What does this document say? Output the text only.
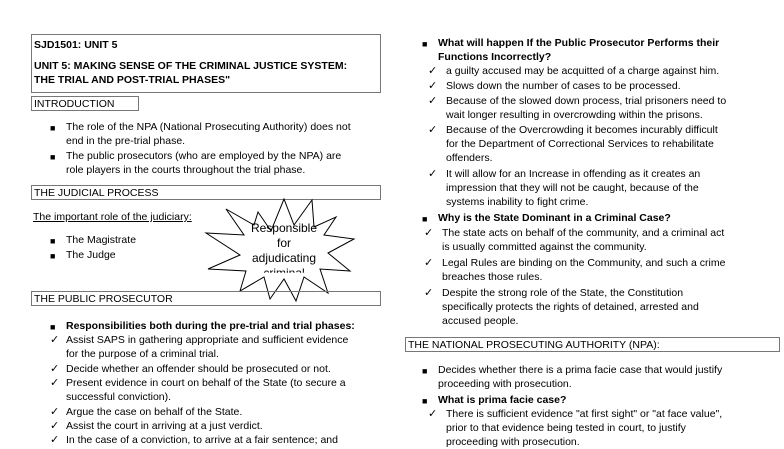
SJD1501: UNIT 5
UNIT 5: MAKING SENSE OF THE CRIMINAL JUSTICE SYSTEM:
THE TRIAL AND POST-TRIAL PHASES"
INTRODUCTION
■ The role of the NPA (National Prosecuting Authority) does not
end in the pre-trial phase.
■ The public prosecutors (who are employed by the NPA) are
role players in the courts throughout the trial phase.
THE JUDICIAL PROCESS
The important role of the judiciary:
■ The Magistrate
■ The Judge
Responsible
for
adjudicating
THE PUBLIC PROSECUTOR
■ Responsibilities both during the pre-trial and trial phases:
✓ Assist SAPS in gathering appropriate and sufficient evidence
for the purpose of a criminal trial.
✓ Decide whether an offender should be prosecuted or not.
✓ Present evidence in court on behalf of the State (to secure a
successful conviction).
✓ Argue the case on behalf of the State.
✓ Assist the court in arriving at a just verdict.
✓ In the case of a conviction, to arrive at a fair sentence; and
■ What will happen If the Public Prosecutor Performs their
Functions Incorrectly?
✓ a guilty accused may be acquitted of a charge against him.
✓ Slows down the number of cases to be processed.
✓ Because of the slowed down process, trial prisoners need to
wait longer resulting in overcrowding within the prisons.
✓ Because of the Overcrowding it becomes incurably difficult
for the Department of Correctional Services to rehabilitate
offenders.
✓ It will allow for an Increase in offending as it creates an
impression that they will not be caught, because of the
systems inability to fight crime.
■ Why is the State Dominant in a Criminal Case?
✓ The state acts on behalf of the community, and a criminal act
is usually committed against the community.
✓ Legal Rules are binding on the Community, and such a crime
breaches those rules.
✓ Despite the strong role of the State, the Constitution
specifically protects the rights of detained, arrested and
accused people.
THE NATIONAL PROSECUTING AUTHORITY (NPA):
■ Decides whether there is a prima facie case that would justify
proceeding with prosecution.
■ What is prima facie case?
✓ There is sufficient evidence "at first sight" or "at face value",
prior to that evidence being tested in court, to justify
proceeding with prosecution.
